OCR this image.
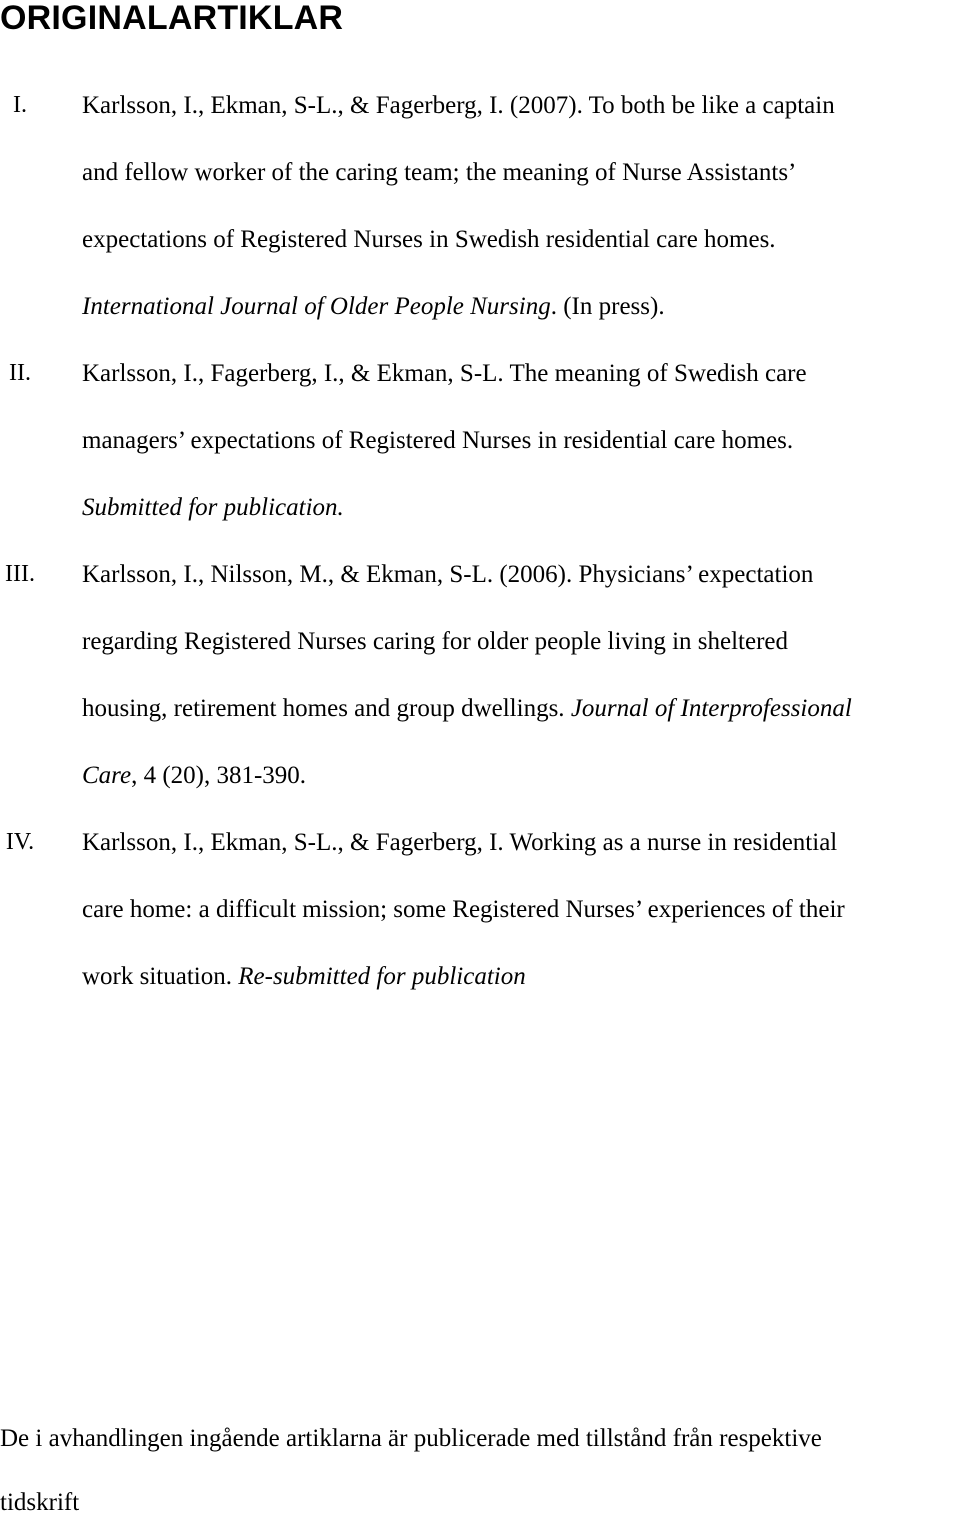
ORIGINALARTIKLAR
I.	Karlsson, I., Ekman, S-L., & Fagerberg, I. (2007). To both be like a captain
and fellow worker of the caring team; the meaning of Nurse Assistants’
expectations of Registered Nurses in Swedish residential care homes.
International Journal of Older People Nursing. (In press).
II.	Karlsson, I., Fagerberg, I., & Ekman, S-L. The meaning of Swedish care
managers’ expectations of Registered Nurses in residential care homes.
Submitted for publication.
III. Karlsson, I., Nilsson, M., & Ekman, S-L. (2006). Physicians’ expectation
regarding Registered Nurses caring for older people living in sheltered
housing, retirement homes and group dwellings. Journal of Interprofessional
Care, 4 (20), 381-390.
IV. Karlsson, I., Ekman, S-L., & Fagerberg, I. Working as a nurse in residential
care home: a difficult mission; some Registered Nurses’ experiences of their
work situation. Re-submitted for publication

De i avhandlingen ingående artiklarna är publicerade med tillstånd från respektive
tidskrift
